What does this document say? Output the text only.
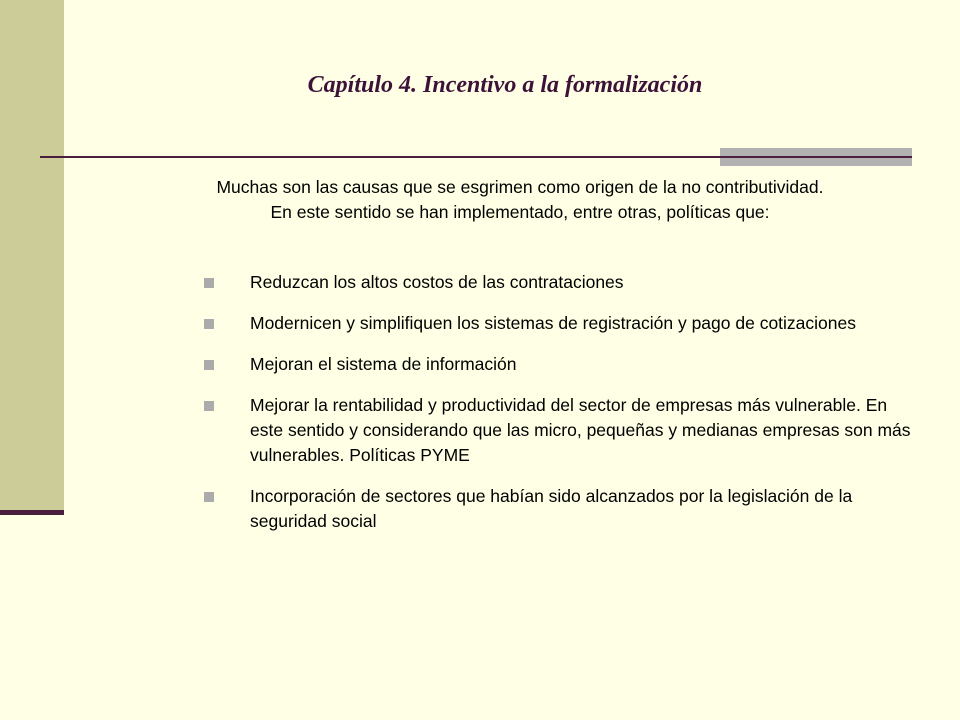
Capítulo 4. Incentivo a la formalización

Muchas son las causas que se esgrimen como origen de la no contributividad.
En este sentido se han implementado, entre otras, políticas que:

Reduzcan los altos costos de las contrataciones
Modernicen y simplifiquen los sistemas de registración y pago de cotizaciones
Mejoran el sistema de información
Mejorar la rentabilidad y productividad del sector de empresas más vulnerable. En este sentido y considerando que las micro, pequeñas y medianas empresas son más vulnerables. Políticas PYME
Incorporación de sectores que habían sido alcanzados por la legislación de la seguridad social
